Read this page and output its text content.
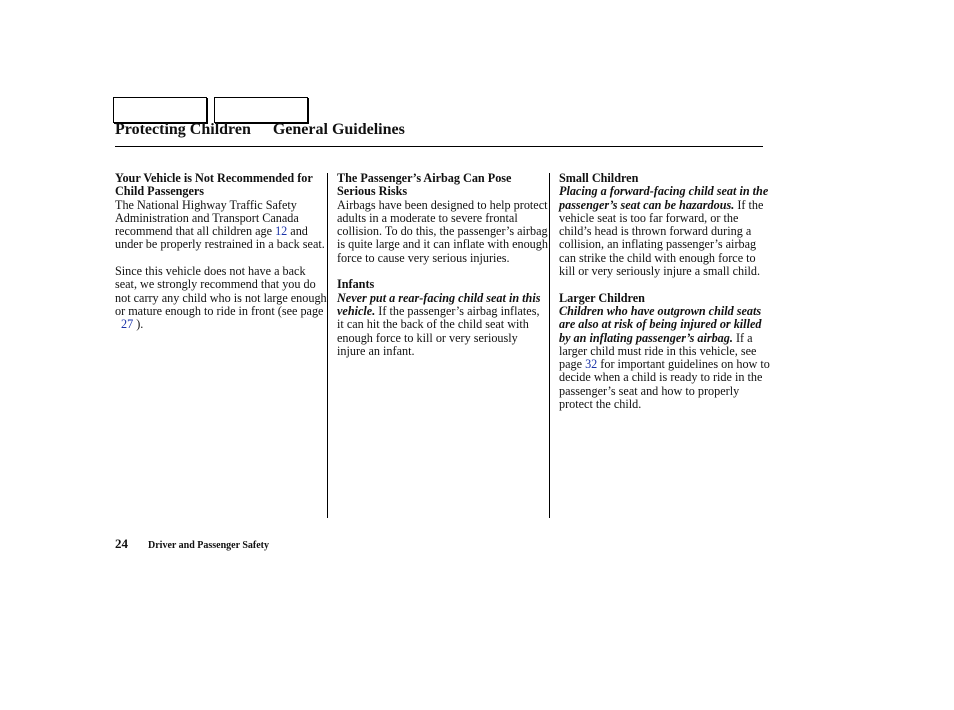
Protecting Children General Guidelines
Your Vehicle is Not Recommended for Child Passengers

The National Highway Traffic Safety Administration and Transport Canada recommend that all children age 12 and under be properly restrained in a back seat.

Since this vehicle does not have a back seat, we strongly recommend that you do not carry any child who is not large enough or mature enough to ride in front (see page 27 ).

The Passenger’s Airbag Can Pose Serious Risks

Airbags have been designed to help protect adults in a moderate to severe frontal collision. To do this, the passenger’s airbag is quite large and it can inflate with enough force to cause very serious injuries.

Infants

Never put a rear-facing child seat in this vehicle. If the passenger’s airbag inflates, it can hit the back of the child seat with enough force to kill or very seriously injure an infant.

Small Children

Placing a forward-facing child seat in the passenger’s seat can be hazardous. If the vehicle seat is too far forward, or the child’s head is thrown forward during a collision, an inflating passenger’s airbag can strike the child with enough force to kill or very seriously injure a small child.

Larger Children

Children who have outgrown child seats are also at risk of being injured or killed by an inflating passenger’s airbag. If a larger child must ride in this vehicle, see page 32 for important guidelines on how to decide when a child is ready to ride in the passenger’s seat and how to properly protect the child.

24 Driver and Passenger Safety
